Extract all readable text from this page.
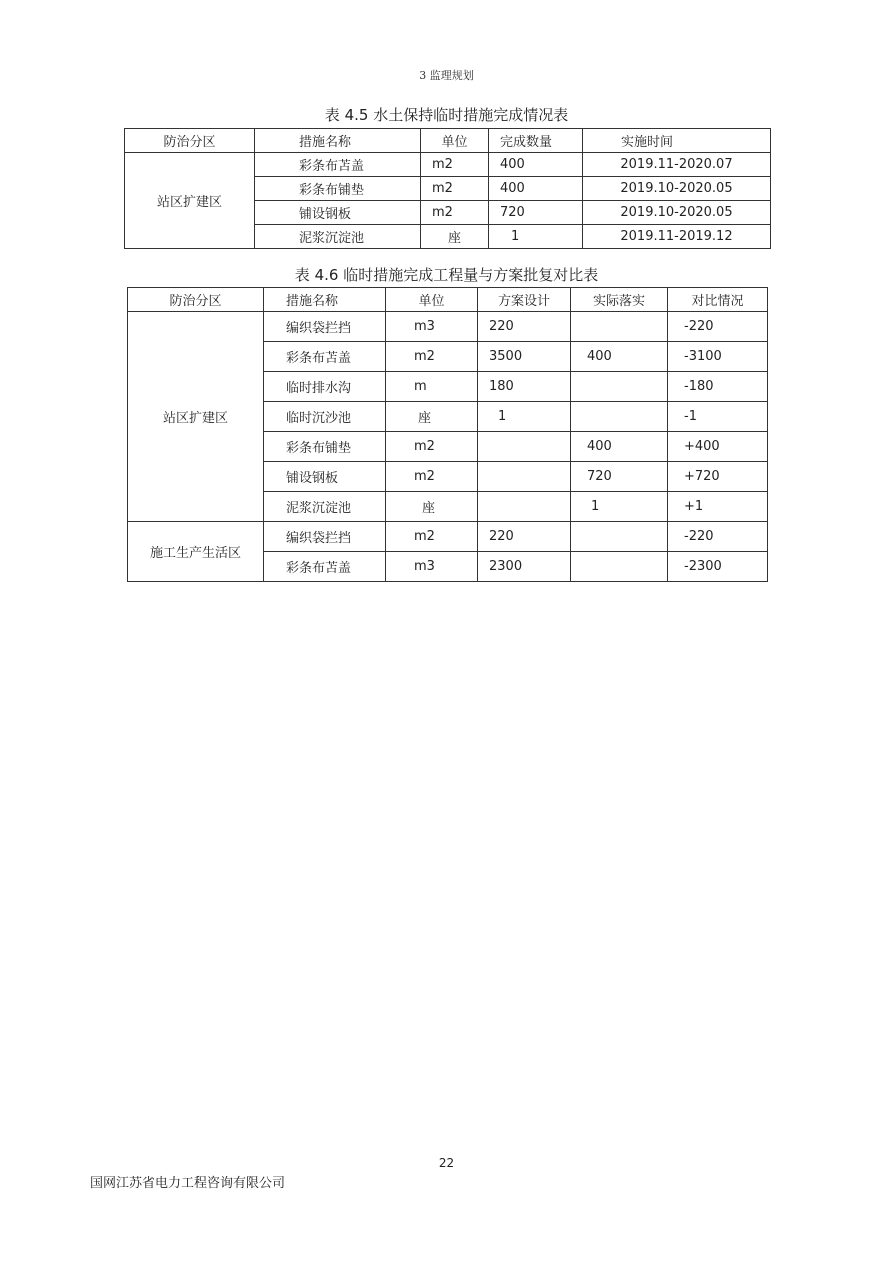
3 监理规划
表 4.5 水土保持临时措施完成情况表
防治分区	措施名称	单位	完成数量	实施时间
站区扩建区	彩条布苫盖	m2	400	2019.11-2020.07
	彩条布铺垫	m2	400	2019.10-2020.05
	铺设钢板	m2	720	2019.10-2020.05
	泥浆沉淀池	座	1	2019.11-2019.12
表 4.6 临时措施完成工程量与方案批复对比表
防治分区	措施名称	单位	方案设计	实际落实	对比情况
站区扩建区	编织袋拦挡	m3	220		-220
	彩条布苫盖	m2	3500	400	-3100
	临时排水沟	m	180		-180
	临时沉沙池	座	1		-1
	彩条布铺垫	m2		400	+400
	铺设钢板	m2		720	+720
	泥浆沉淀池	座		1	+1
施工生产生活区	编织袋拦挡	m2	220		-220
	彩条布苫盖	m3	2300		-2300
22
国网江苏省电力工程咨询有限公司
